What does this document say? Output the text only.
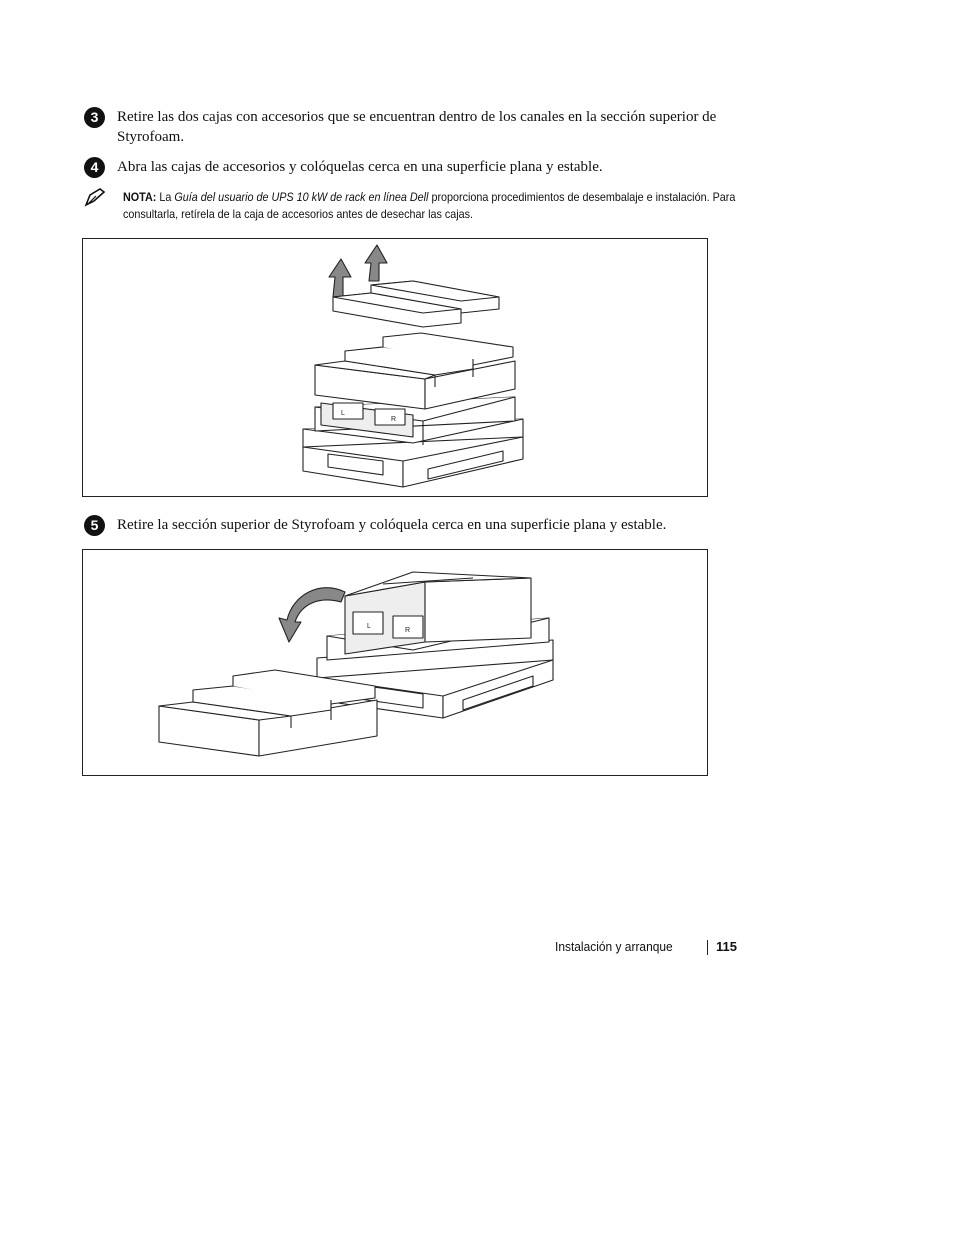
3	Retire las dos cajas con accesorios que se encuentran dentro de los canales en la sección superior de Styrofoam.
4	Abra las cajas de accesorios y colóquelas cerca en una superficie plana y estable.
NOTA: La Guía del usuario de UPS 10 kW de rack en línea Dell proporciona procedimientos de desembalaje e instalación. Para consultarla, retírela de la caja de accesorios antes de desechar las cajas.
L
R
5	Retire la sección superior de Styrofoam y colóquela cerca en una superficie plana y estable.
L
R
Instalación y arranque	115
